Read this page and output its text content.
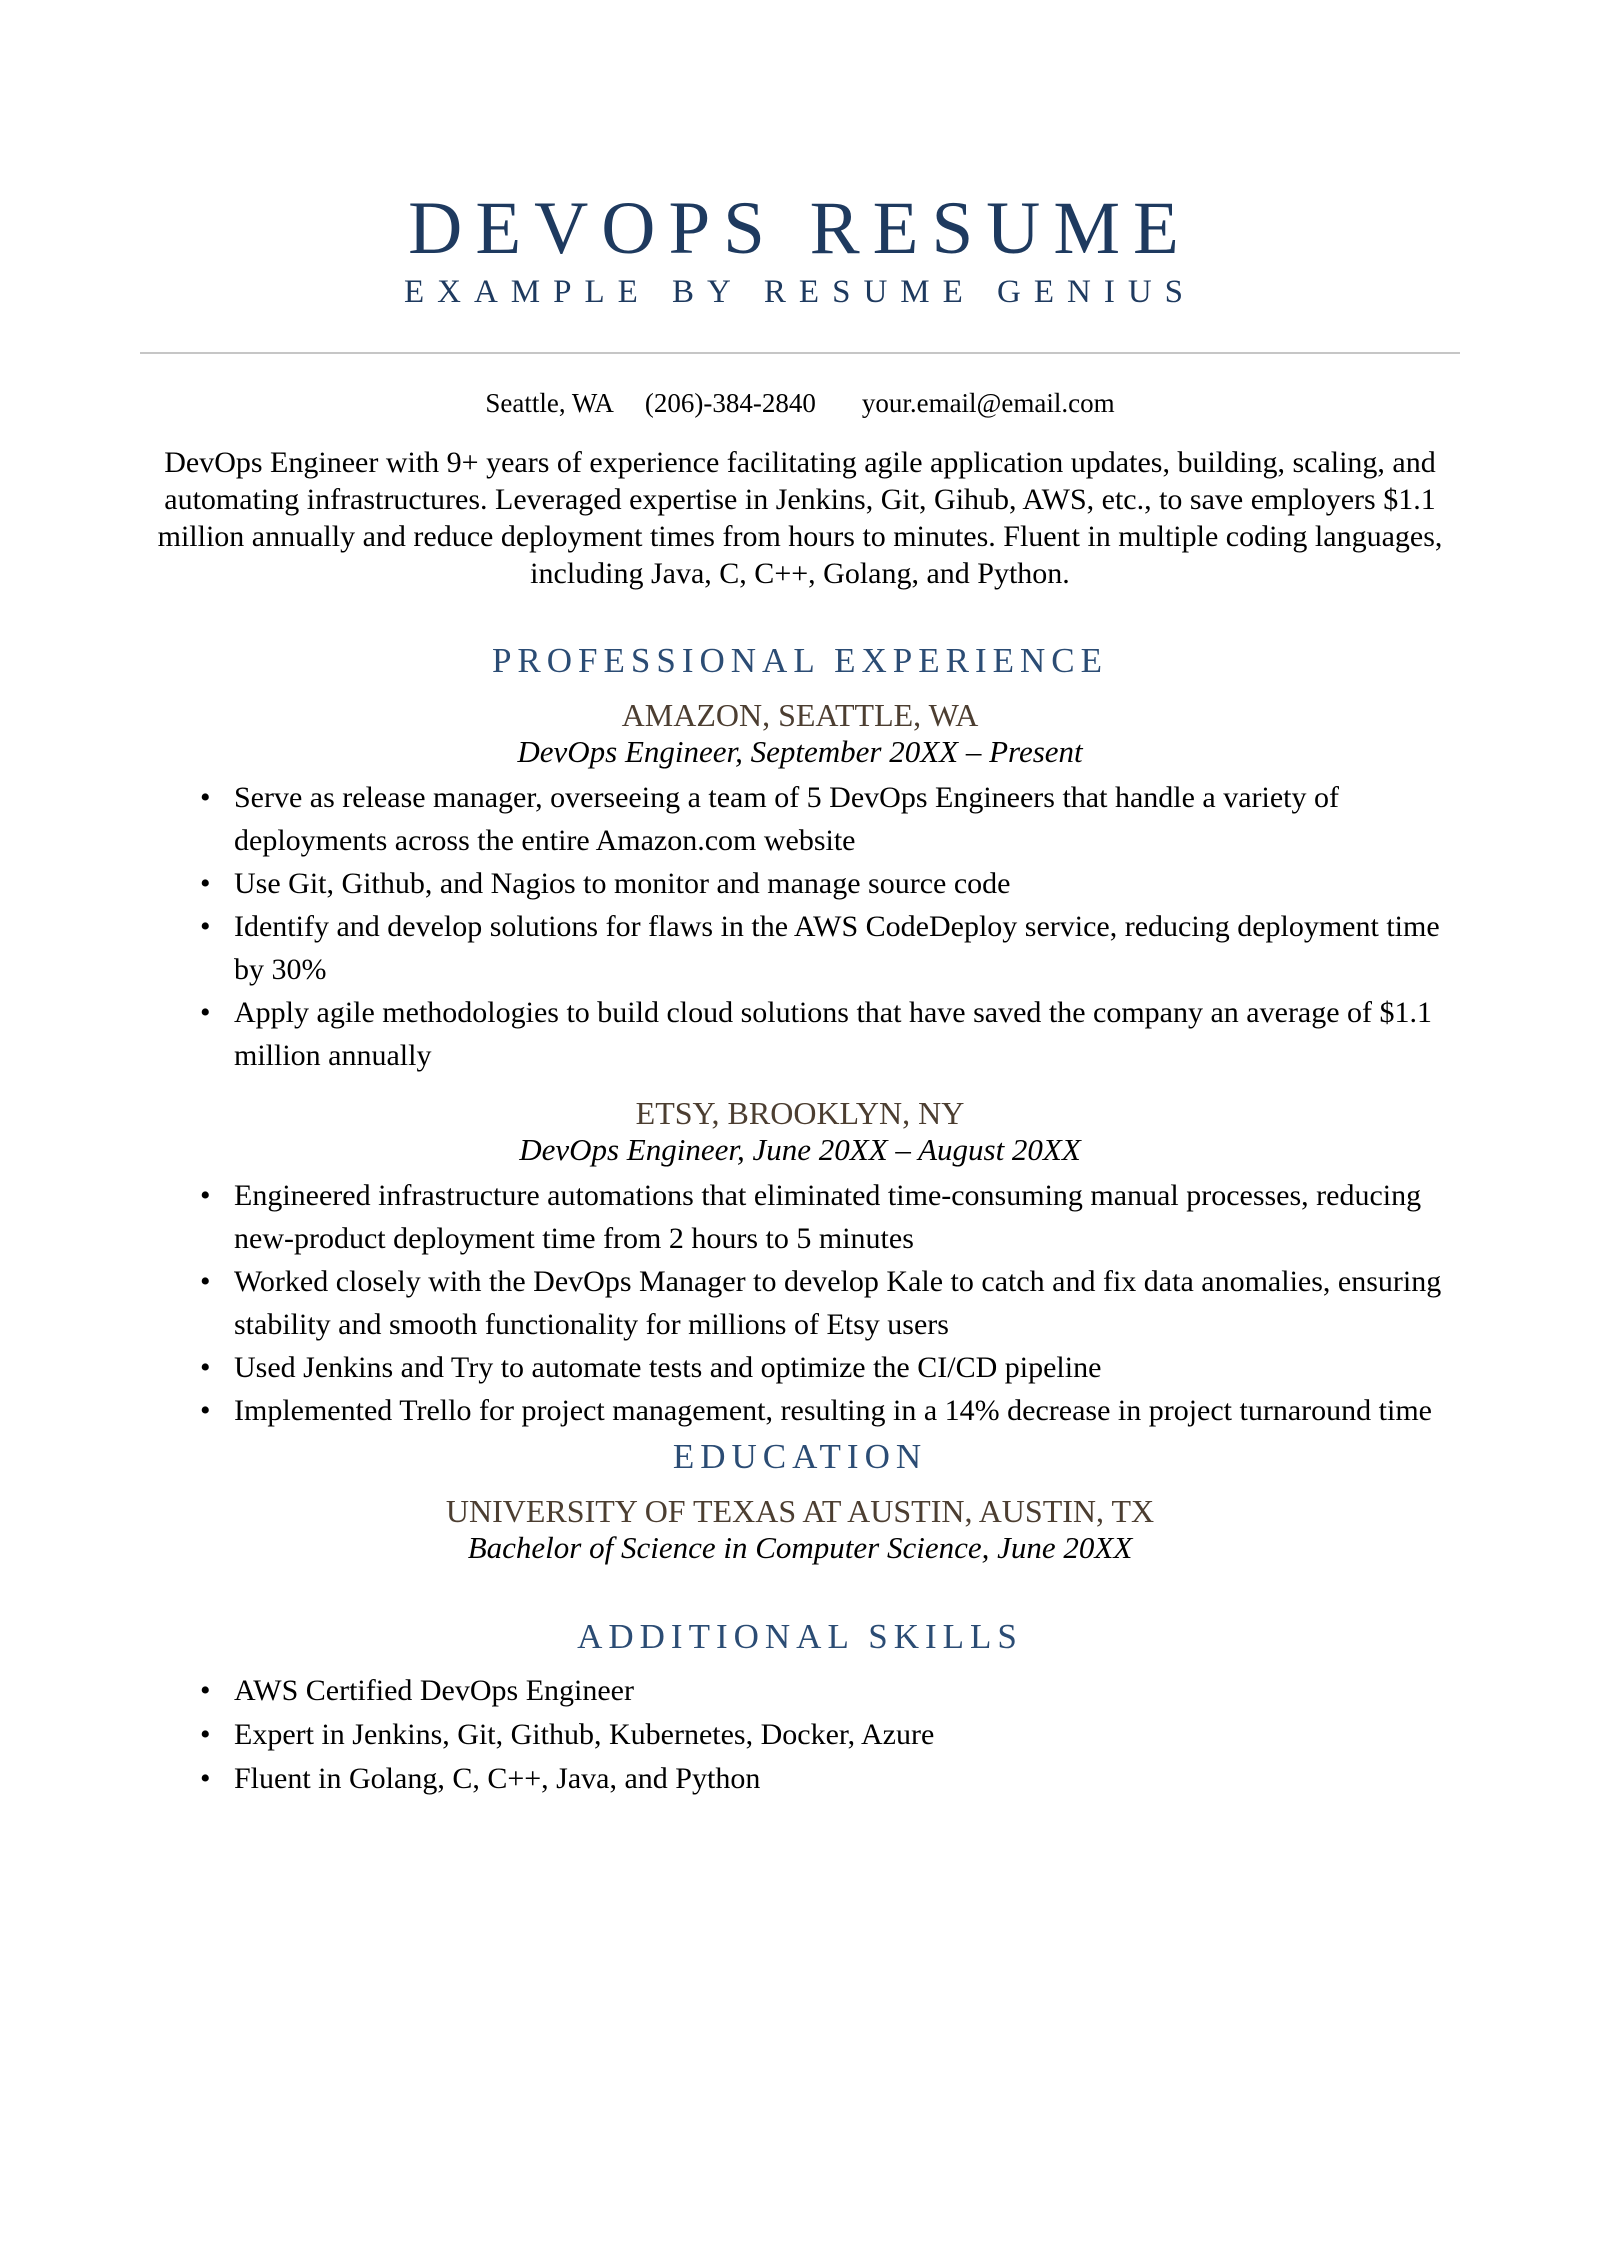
DEVOPS RESUME
EXAMPLE BY RESUME GENIUS
Seattle, WA (206)-384-2840 your.email@email.com

DevOps Engineer with 9+ years of experience facilitating agile application updates, building, scaling, and automating infrastructures. Leveraged expertise in Jenkins, Git, Gihub, AWS, etc., to save employers $1.1 million annually and reduce deployment times from hours to minutes. Fluent in multiple coding languages, including Java, C, C++, Golang, and Python.

PROFESSIONAL EXPERIENCE
AMAZON, SEATTLE, WA
DevOps Engineer, September 20XX – Present
• Serve as release manager, overseeing a team of 5 DevOps Engineers that handle a variety of deployments across the entire Amazon.com website
• Use Git, Github, and Nagios to monitor and manage source code
• Identify and develop solutions for flaws in the AWS CodeDeploy service, reducing deployment time by 30%
• Apply agile methodologies to build cloud solutions that have saved the company an average of $1.1 million annually
ETSY, BROOKLYN, NY
DevOps Engineer, June 20XX – August 20XX
• Engineered infrastructure automations that eliminated time-consuming manual processes, reducing new-product deployment time from 2 hours to 5 minutes
• Worked closely with the DevOps Manager to develop Kale to catch and fix data anomalies, ensuring stability and smooth functionality for millions of Etsy users
• Used Jenkins and Try to automate tests and optimize the CI/CD pipeline
• Implemented Trello for project management, resulting in a 14% decrease in project turnaround time
EDUCATION
UNIVERSITY OF TEXAS AT AUSTIN, AUSTIN, TX
Bachelor of Science in Computer Science, June 20XX
ADDITIONAL SKILLS
• AWS Certified DevOps Engineer
• Expert in Jenkins, Git, Github, Kubernetes, Docker, Azure
• Fluent in Golang, C, C++, Java, and Python
